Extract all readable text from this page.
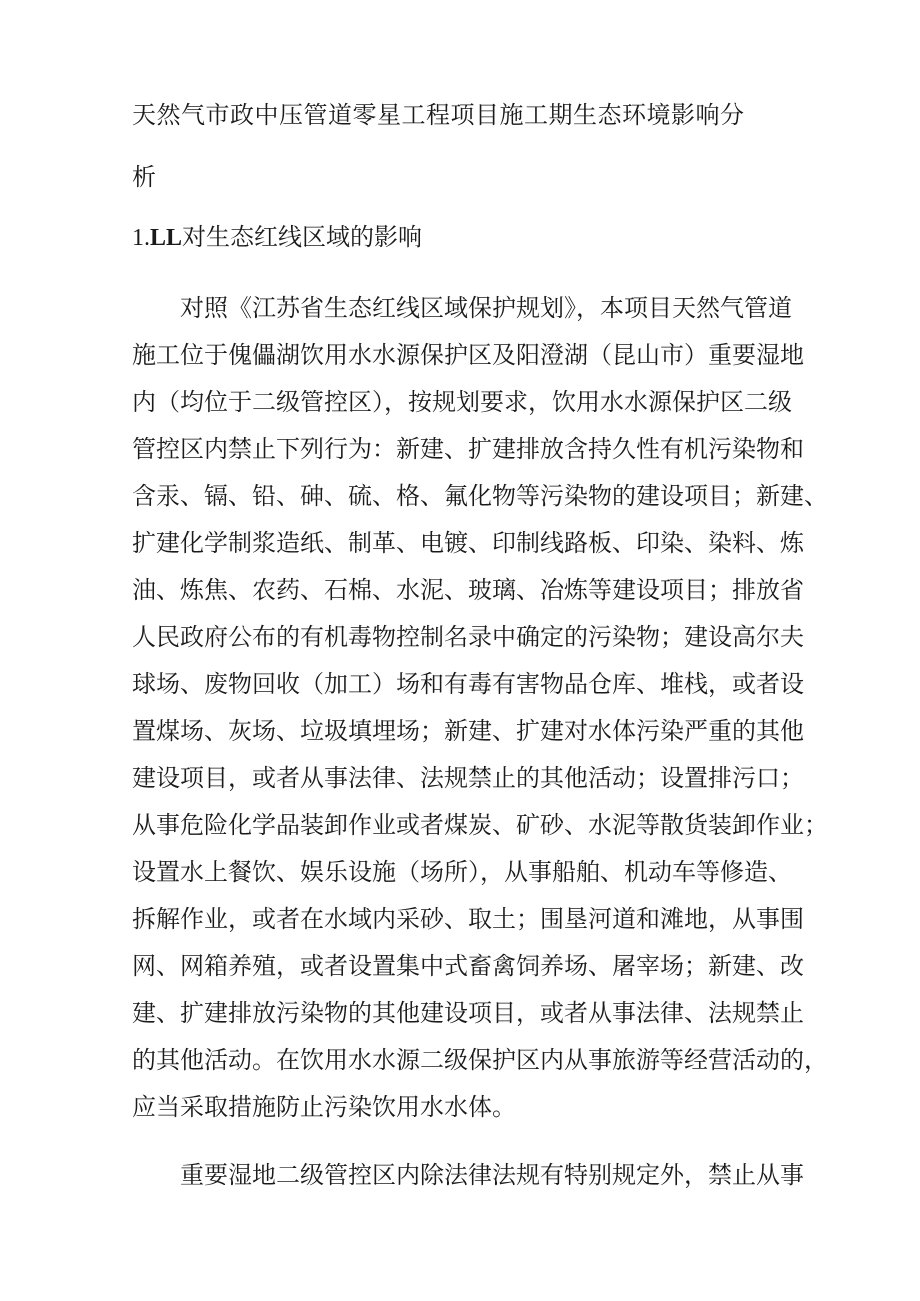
天然气市政中压管道零星工程项目施工期生态环境影响分
析
1.LL对生态红线区域的影响
对照《江苏省生态红线区域保护规划》，本项目天然气管道
施工位于傀儡湖饮用水水源保护区及阳澄湖（昆山市）重要湿地
内（均位于二级管控区），按规划要求，饮用水水源保护区二级
管控区内禁止下列行为：新建、扩建排放含持久性有机污染物和
含汞、镉、铅、砷、硫、格、氟化物等污染物的建设项目；新建、
扩建化学制浆造纸、制革、电镀、印制线路板、印染、染料、炼
油、炼焦、农药、石棉、水泥、玻璃、冶炼等建设项目；排放省
人民政府公布的有机毒物控制名录中确定的污染物；建设高尔夫
球场、废物回收（加工）场和有毒有害物品仓库、堆栈，或者设
置煤场、灰场、垃圾填埋场；新建、扩建对水体污染严重的其他
建设项目，或者从事法律、法规禁止的其他活动；设置排污口；
从事危险化学品装卸作业或者煤炭、矿砂、水泥等散货装卸作业；
设置水上餐饮、娱乐设施（场所），从事船舶、机动车等修造、
拆解作业，或者在水域内采砂、取土；围垦河道和滩地，从事围
网、网箱养殖，或者设置集中式畜禽饲养场、屠宰场；新建、改
建、扩建排放污染物的其他建设项目，或者从事法律、法规禁止
的其他活动。在饮用水水源二级保护区内从事旅游等经营活动的，
应当采取措施防止污染饮用水水体。
重要湿地二级管控区内除法律法规有特别规定外，禁止从事
